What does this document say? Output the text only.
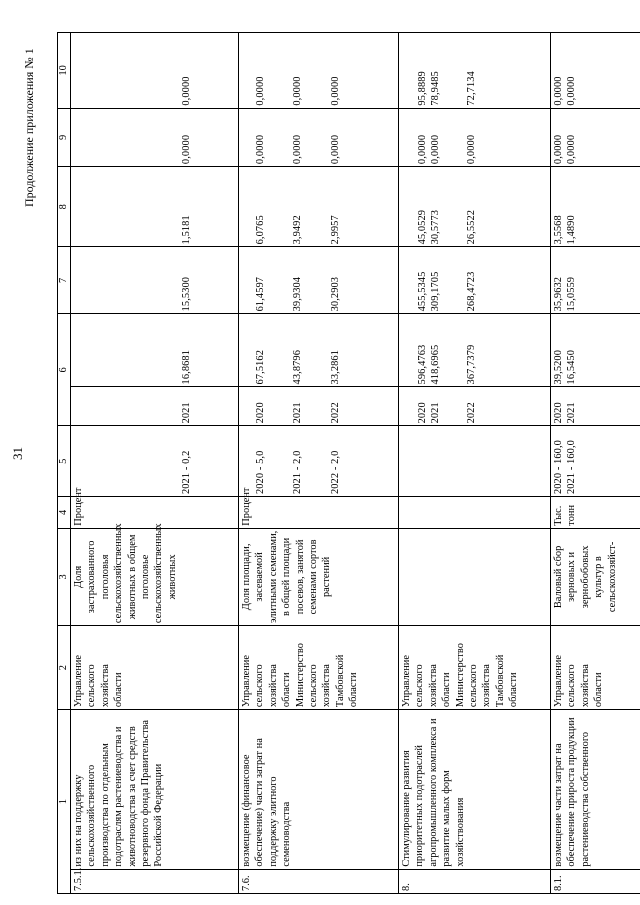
31
Продолжение приложения № 1
1		2	3	4	5	6		7	8	9	10
7.5.1.	из них на поддержку сельскохозяйственного производства по отдельным подотраслям растениеводства и животноводства за счет средств резервного фонда Правительства Российской Федерации	Управление сельского хозяйства области	Доля застрахованного поголовья сельскохозяйственных животных в общем поголовье сельскохозяйственных животных	Процент	2021 - 0,2	2021	16,8681	15,5300	1,5181	0,0000	0,0000

7.6.	возмещение (финансовое обеспечение) части затрат на поддержку элитного семеноводства	Управление сельского хозяйства области Министерство сельского хозяйства Тамбовской области	Доля площади, засеваемой элитными семенами, в общей площади посевов, занятой семенами сортов растений	Процент	2020 - 5,0 2021 - 2,0 2022 - 2,0	2020 2021 2022	67,5162 43,8796 33,2861	61,4597 39,9304 30,2903	6,0765 3,9492 2,9957	0,0000 0,0000 0,0000	0,0000 0,0000 0,0000

8.	Стимулирование развития приоритетных подотраслей агропромышленного комплекса и развитие малых форм хозяйствования	Управление сельского хозяйства области Министерство сельского хозяйства Тамбовской области				2020 2021 2022	596,4763 418,6965 367,7379	455,5345 309,1705 268,4723	45,0529 30,5773 26,5522	0,0000 0,0000 0,0000	95,8889 78,9485 72,7134

8.1.	возмещение части затрат на обеспечение прироста продукции растениеводства собственного	Управление сельского хозяйства области	Валовый сбор зерновых и зернобобовых культур в сельскохозяйст-	Тыс. тонн	2020 - 160,0 2021 - 160,0	2020 2021	39,5200 16,5450	35,9632 15,0559	3,5568 1,4890	0,0000 0,0000	0,0000 0,0000
